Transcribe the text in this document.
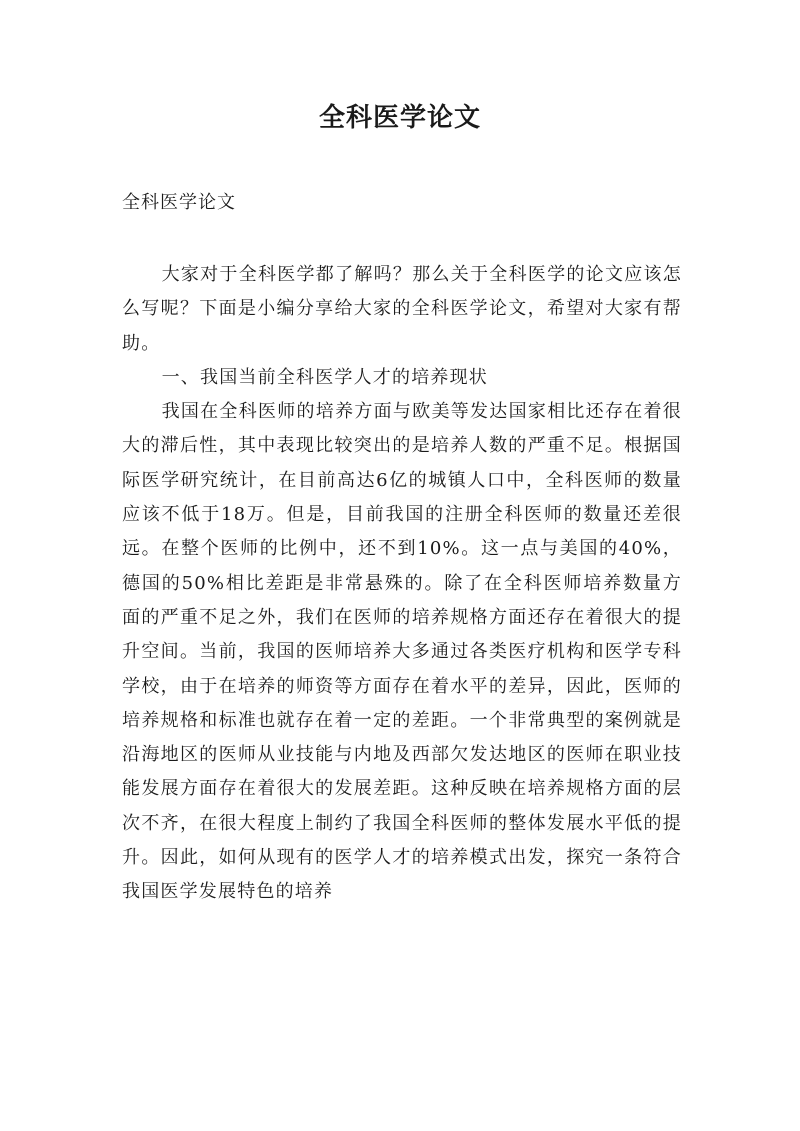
全科医学论文
全科医学论文

大家对于全科医学都了解吗？那么关于全科医学的论文应该怎么写呢？下面是小编分享给大家的全科医学论文，希望对大家有帮助。

一、我国当前全科医学人才的培养现状

我国在全科医师的培养方面与欧美等发达国家相比还存在着很大的滞后性，其中表现比较突出的是培养人数的严重不足。根据国际医学研究统计，在目前高达6亿的城镇人口中，全科医师的数量应该不低于18万。但是，目前我国的注册全科医师的数量还差很远。在整个医师的比例中，还不到10%。这一点与美国的40%，德国的50%相比差距是非常悬殊的。除了在全科医师培养数量方面的严重不足之外，我们在医师的培养规格方面还存在着很大的提升空间。当前，我国的医师培养大多通过各类医疗机构和医学专科学校，由于在培养的师资等方面存在着水平的差异，因此，医师的培养规格和标准也就存在着一定的差距。一个非常典型的案例就是沿海地区的医师从业技能与内地及西部欠发达地区的医师在职业技能发展方面存在着很大的发展差距。这种反映在培养规格方面的层次不齐，在很大程度上制约了我国全科医师的整体发展水平低的提升。因此，如何从现有的医学人才的培养模式出发，探究一条符合我国医学发展特色的培养
